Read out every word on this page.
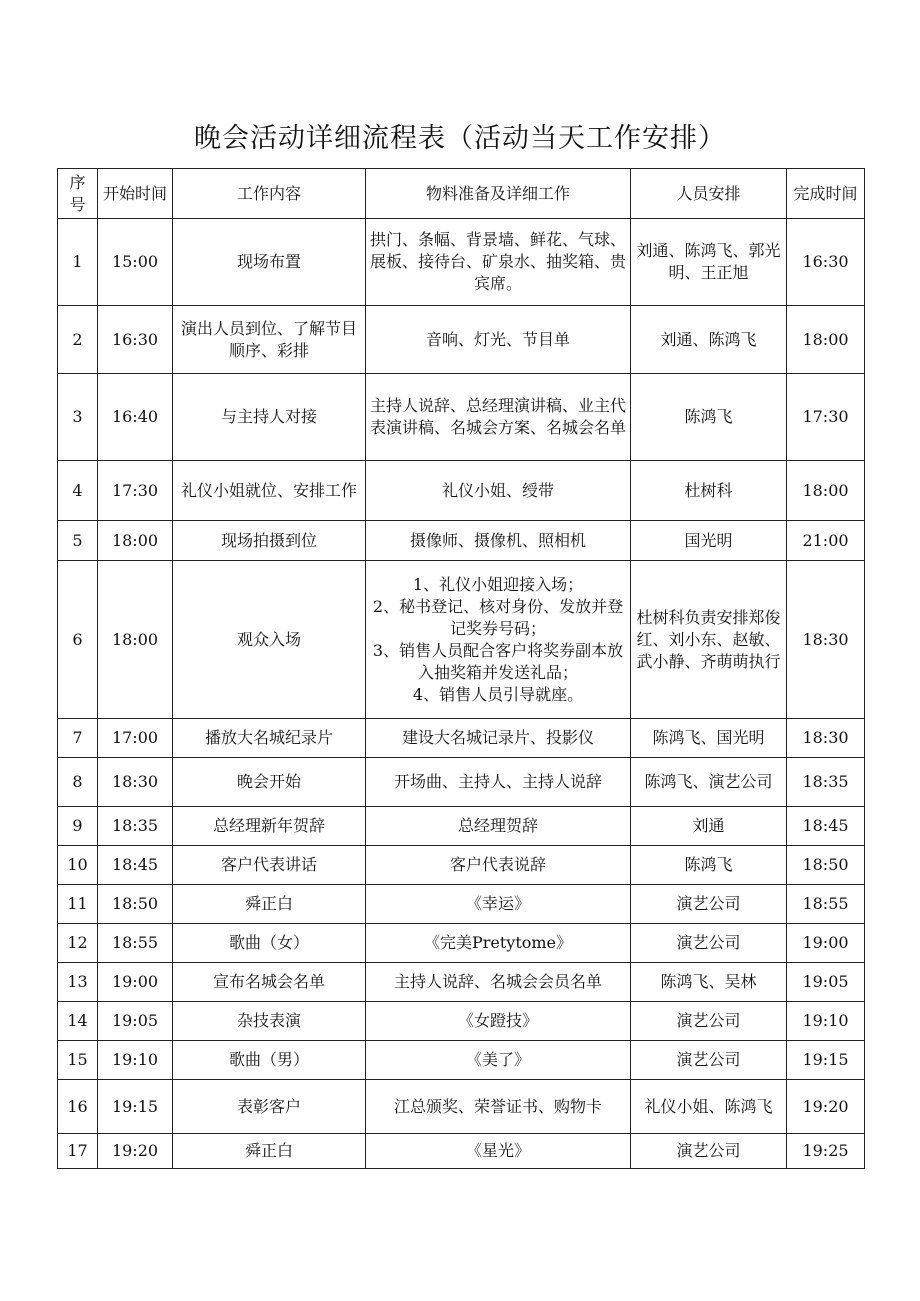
晚会活动详细流程表（活动当天工作安排）
序号	开始时间	工作内容	物料准备及详细工作	人员安排	完成时间
1	15:00	现场布置	拱门、条幅、背景墙、鲜花、气球、展板、接待台、矿泉水、抽奖箱、贵宾席。	刘通、陈鸿飞、郭光明、王正旭	16:30
2	16:30	演出人员到位、了解节目顺序、彩排	音响、灯光、节目单	刘通、陈鸿飞	18:00
3	16:40	与主持人对接	主持人说辞、总经理演讲稿、业主代表演讲稿、名城会方案、名城会名单	陈鸿飞	17:30
4	17:30	礼仪小姐就位、安排工作	礼仪小姐、绶带	杜树科	18:00
5	18:00	现场拍摄到位	摄像师、摄像机、照相机	国光明	21:00
6	18:00	观众入场	1、礼仪小姐迎接入场；
2、秘书登记、核对身份、发放并登记奖券号码；
3、销售人员配合客户将奖券副本放入抽奖箱并发送礼品；
4、销售人员引导就座。	杜树科负责安排郑俊红、刘小东、赵敏、武小静、齐萌萌执行	18:30
7	17:00	播放大名城纪录片	建设大名城记录片、投影仪	陈鸿飞、国光明	18:30
8	18:30	晚会开始	开场曲、主持人、主持人说辞	陈鸿飞、演艺公司	18:35
9	18:35	总经理新年贺辞	总经理贺辞	刘通	18:45
10	18:45	客户代表讲话	客户代表说辞	陈鸿飞	18:50
11	18:50	舜正白	《幸运》	演艺公司	18:55
12	18:55	歌曲（女）	《完美Pretytome》	演艺公司	19:00
13	19:00	宣布名城会名单	主持人说辞、名城会会员名单	陈鸿飞、吴林	19:05
14	19:05	杂技表演	《女蹬技》	演艺公司	19:10
15	19:10	歌曲（男）	《美了》	演艺公司	19:15
16	19:15	表彰客户	江总颁奖、荣誉证书、购物卡	礼仪小姐、陈鸿飞	19:20
17	19:20	舜正白	《星光》	演艺公司	19:25
